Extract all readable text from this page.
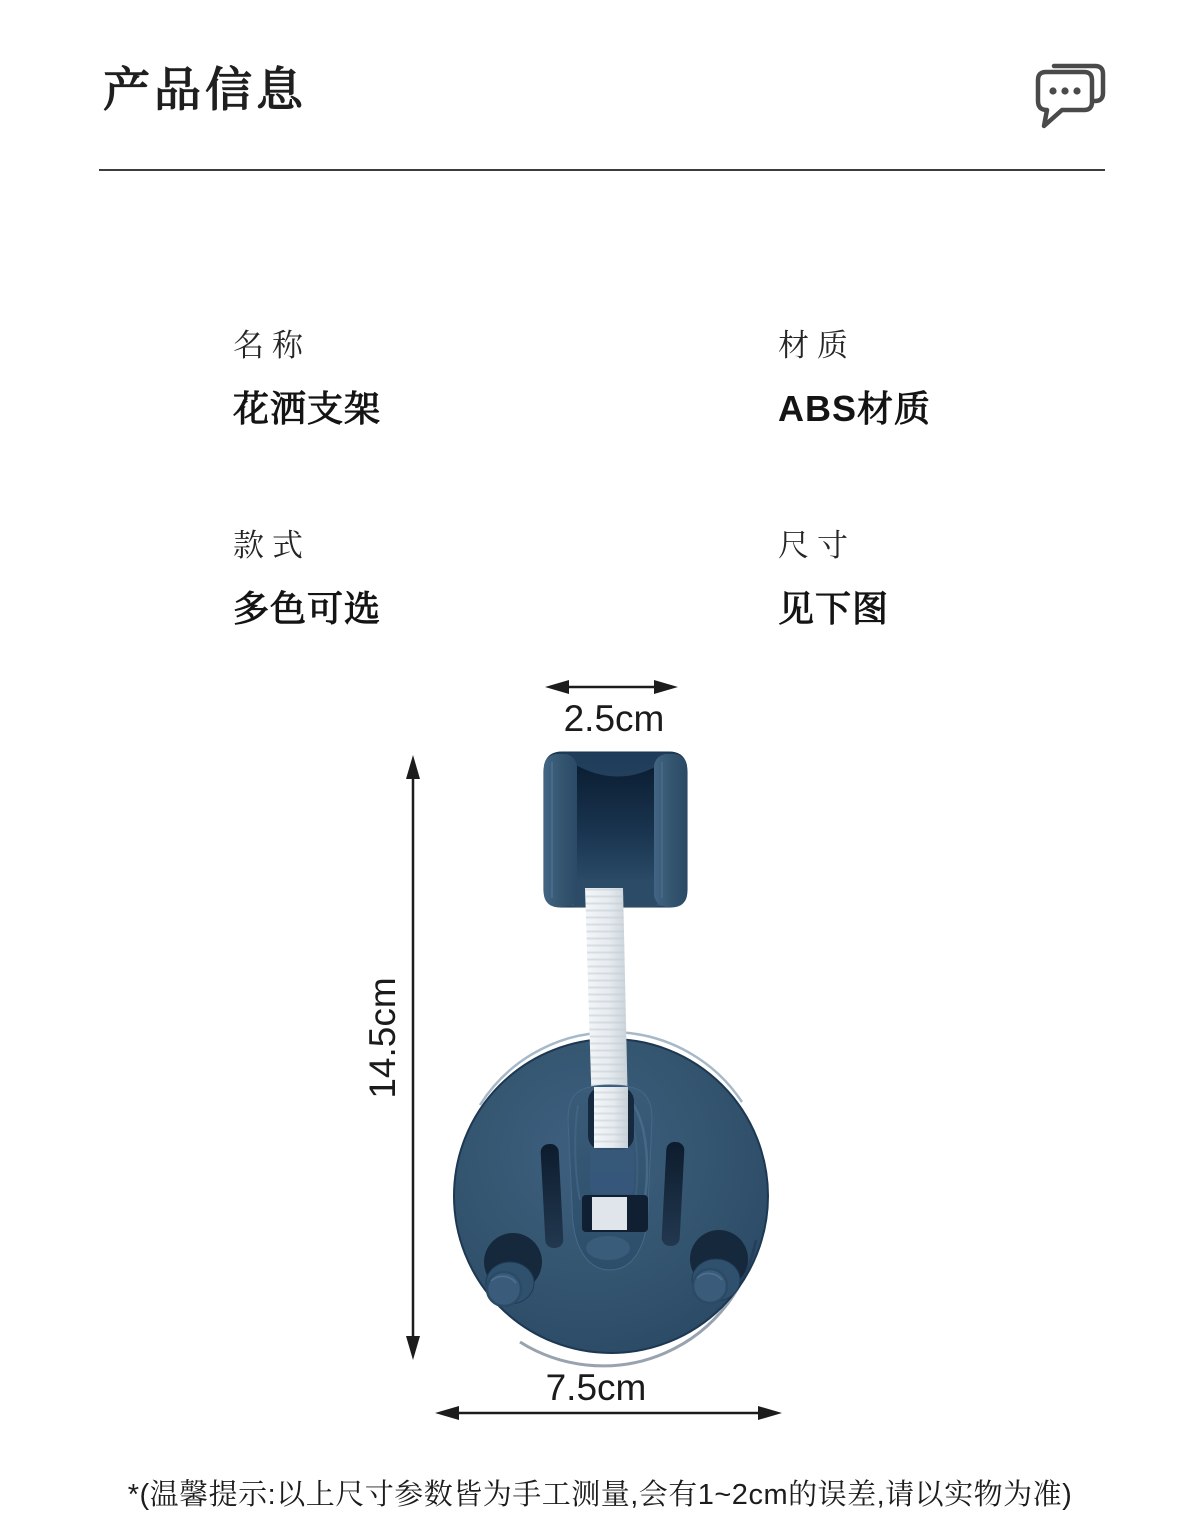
产品信息
名称
花洒支架
材质
ABS材质
款式
多色可选
尺寸
见下图
2.5cm
14.5cm
7.5cm

*(温馨提示:以上尺寸参数皆为手工测量,会有1~2cm的误差,请以实物为准)
